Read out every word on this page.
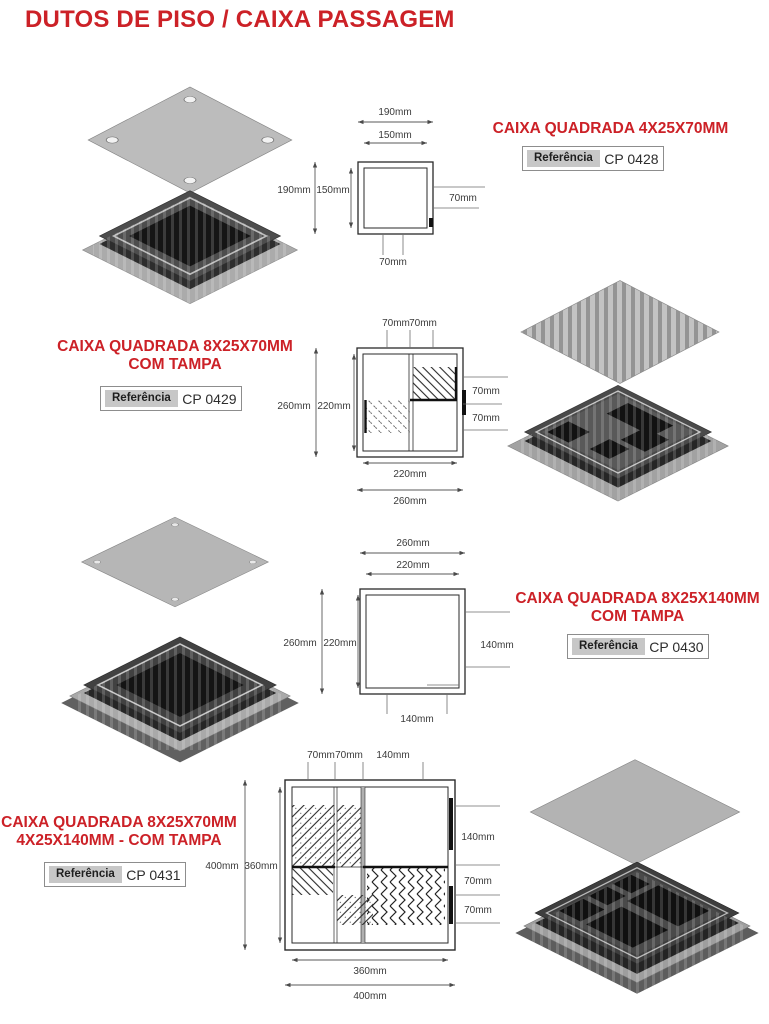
DUTOS DE PISO / CAIXA PASSAGEM
190mm
150mm
190mm 150mm
70mm
70mm
CAIXA QUADRADA 4X25X70MM
Referência CP 0428
CAIXA QUADRADA 8X25X70MM
COM TAMPA
Referência CP 0429
70mm 70mm
260mm 220mm
70mm
70mm
220mm
260mm
260mm
220mm
260mm 220mm	140mm
140mm
CAIXA QUADRADA 8X25X140MM
COM TAMPA
Referência CP 0430
CAIXA QUADRADA 8X25X70MM
4X25X140MM - COM TAMPA
Referência CP 0431
70mm 70mm 140mm
400mm 360mm
140mm
70mm
70mm
360mm
400mm
